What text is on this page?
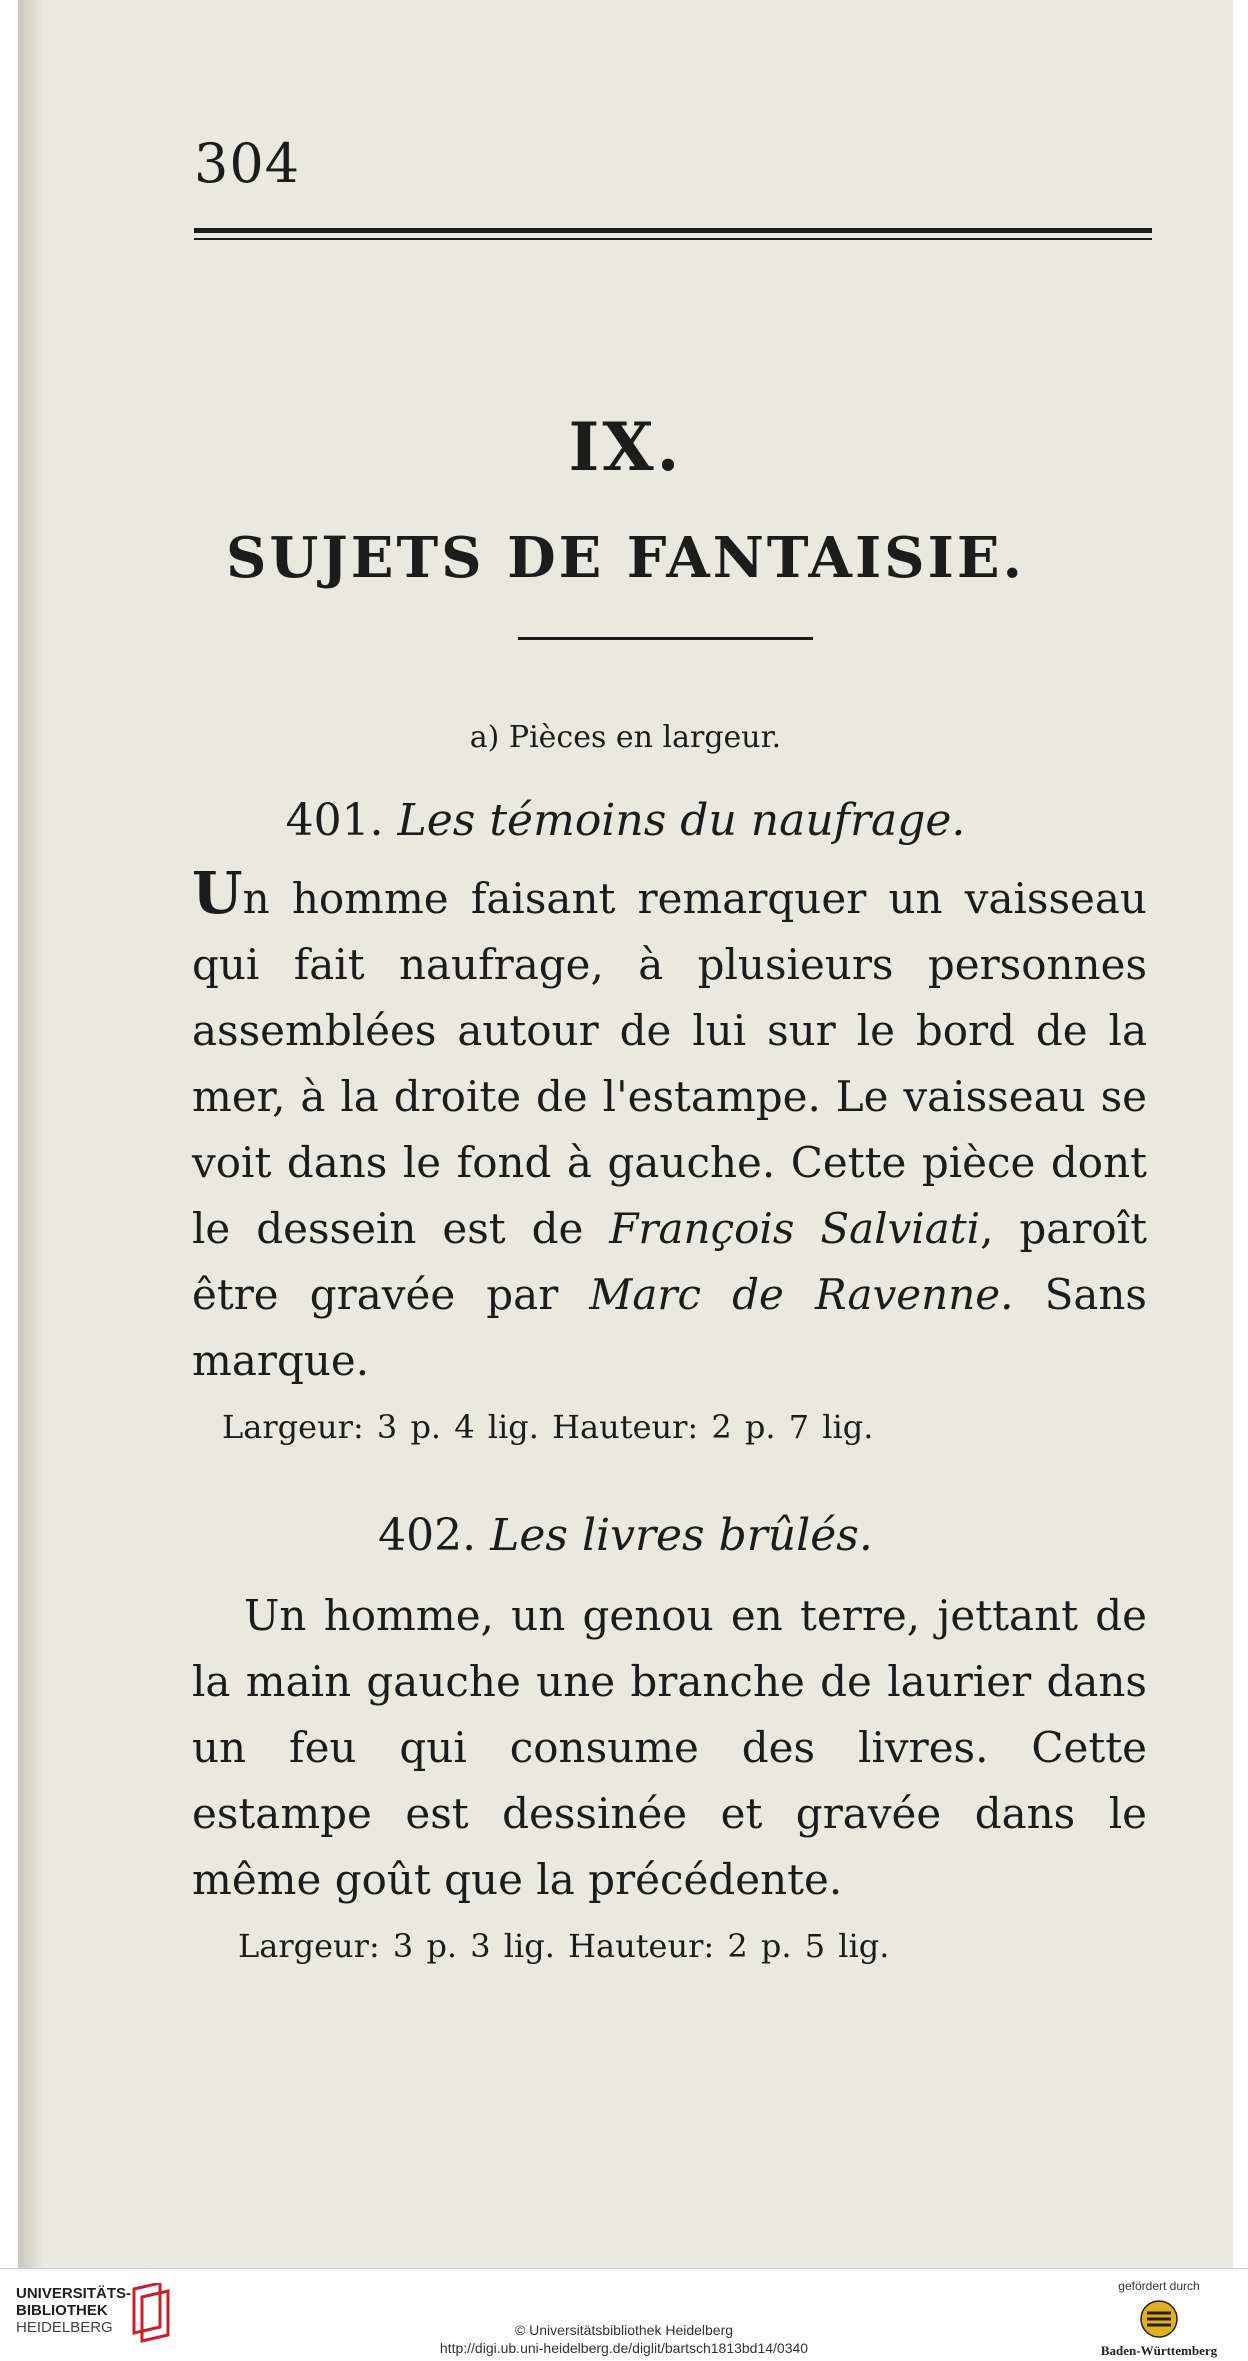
304
IX.
SUJETS DE FANTAISIE.
a) Pièces en largeur.
401. Les témoins du naufrage.
Un homme faisant remarquer un vaisseau qui fait naufrage, à plusieurs personnes assemblées autour de lui sur le bord de la mer, à la droite de l'estampe. Le vaisseau se voit dans le fond à gauche. Cette pièce dont le dessein est de François Salviati, paroît être gravée par Marc de Ravenne. Sans marque.
Largeur: 3 p. 4 lig. Hauteur: 2 p. 7 lig.
402. Les livres brûlés.
Un homme, un genou en terre, jettant de la main gauche une branche de laurier dans un feu qui consume des livres. Cette estampe est dessinée et gravée dans le même goût que la précédente.
Largeur: 3 p. 3 lig. Hauteur: 2 p. 5 lig.
UNIVERSITÄTS-
BIBLIOTHEK
HEIDELBERG	© Universitätsbibliothek Heidelberg
http://digi.ub.uni-heidelberg.de/diglit/bartsch1813bd14/0340
gefördert durch
Baden-Württemberg
